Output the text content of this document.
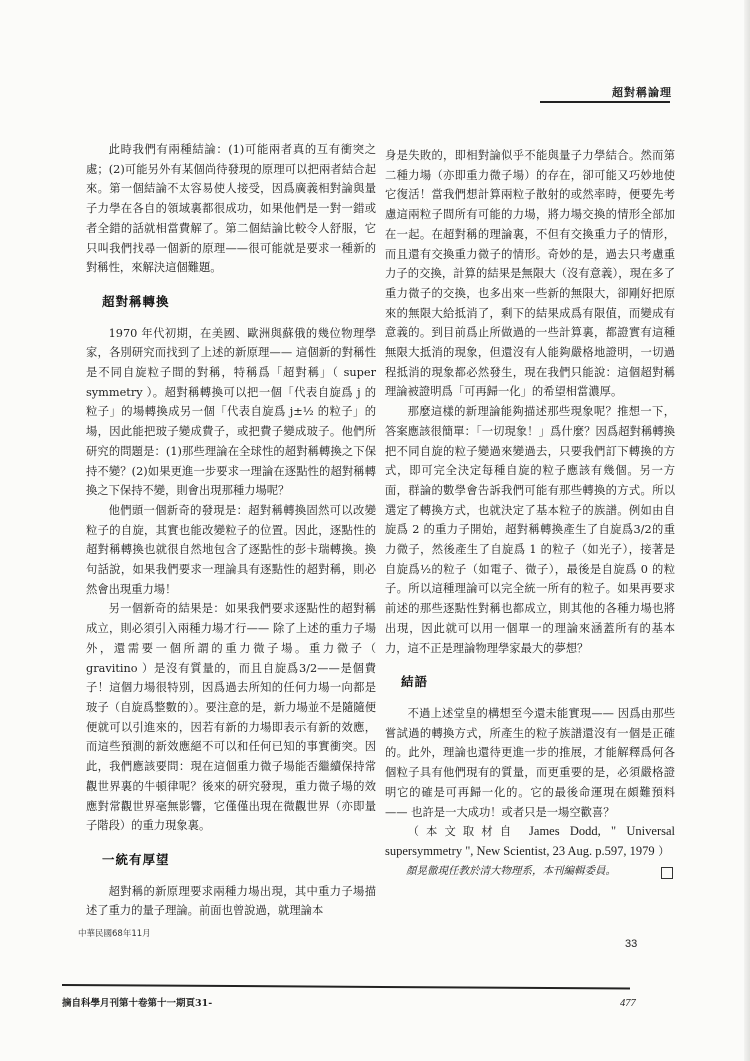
超對稱論理

此時我們有兩種結論：(1)可能兩者真的互有衝突之處；(2)可能另外有某個尚待發現的原理可以把兩者結合起來。第一個結論不太容易使人接受，因爲廣義相對論與量子力學在各自的領域裏都很成功，如果他們是一對一錯或者全錯的話就相當費解了。第二個結論比較令人舒服，它只叫我們找尋一個新的原理——很可能就是要求一種新的對稱性，來解決這個難題。

超對稱轉換

1970 年代初期，在美國、歐洲與蘇俄的幾位物理學家，各別研究而找到了上述的新原理—— 這個新的對稱性是不同自旋粒子間的對稱，特稱爲「超對稱」（ super symmetry ）。超對稱轉換可以把一個「代表自旋爲 j 的粒子」的場轉換成另一個「代表自旋爲 j±½ 的粒子」的場，因此能把玻子變成費子，或把費子變成玻子。他們所研究的問題是：(1)那些理論在全球性的超對稱轉換之下保持不變？(2)如果更進一步要求一理論在逐點性的超對稱轉換之下保持不變，則會出現那種力場呢？

他們頭一個新奇的發現是：超對稱轉換固然可以改變粒子的自旋，其實也能改變粒子的位置。因此，逐點性的超對稱轉換也就很自然地包含了逐點性的彭卡瑞轉換。換句話說，如果我們要求一理論具有逐點性的超對稱，則必然會出現重力場！

另一個新奇的結果是：如果我們要求逐點性的超對稱成立，則必須引入兩種力場才行—— 除了上述的重力子場外，還需要一個所謂的重力微子場。重力微子（ gravitino ）是沒有質量的，而且自旋爲3/2——是個費子！這個力場很特別，因爲過去所知的任何力場一向都是玻子（自旋爲整數的）。要注意的是，新力場並不是隨隨便便就可以引進來的，因若有新的力場即表示有新的效應，而這些預測的新效應絕不可以和任何已知的事實衝突。因此，我們應該要問：現在這個重力微子場能否繼續保持常觀世界裏的牛頓律呢？後來的研究發現，重力微子場的效應對常觀世界毫無影響，它僅僅出現在微觀世界（亦即量子階段）的重力現象裏。

一統有厚望

超對稱的新原理要求兩種力場出現，其中重力子場描述了重力的量子理論。前面也曾說過，就理論本

身是失敗的，即相對論似乎不能與量子力學結合。然而第二種力場（亦即重力微子場）的存在，卻可能又巧妙地使它復活！當我們想計算兩粒子散射的或然率時，便要先考慮這兩粒子間所有可能的力場，將力場交換的情形全部加在一起。在超對稱的理論裏，不但有交換重力子的情形，而且還有交換重力微子的情形。奇妙的是，過去只考慮重力子的交換，計算的結果是無限大（沒有意義），現在多了重力微子的交換，也多出來一些新的無限大，卻剛好把原來的無限大給抵消了，剩下的結果成爲有限值，而變成有意義的。到目前爲止所做過的一些計算裏，都證實有這種無限大抵消的現象，但還沒有人能夠嚴格地證明，一切過程抵消的現象都必然發生，現在我們只能說：這個超對稱理論被證明爲「可再歸一化」的希望相當濃厚。

那麼這樣的新理論能夠描述那些現象呢？推想一下，答案應該很簡單：「一切現象！」爲什麼？因爲超對稱轉換把不同自旋的粒子變過來變過去，只要我們訂下轉換的方式，即可完全決定每種自旋的粒子應該有幾個。另一方面，群論的數學會告訴我們可能有那些轉換的方式。所以選定了轉換方式，也就決定了基本粒子的族譜。例如由自旋爲 2 的重力子開始，超對稱轉換產生了自旋爲3/2的重力微子，然後產生了自旋爲 1 的粒子（如光子），接著是自旋爲½的粒子（如電子、微子），最後是自旋爲 0 的粒子。所以這種理論可以完全統一所有的粒子。如果再要求前述的那些逐點性對稱也都成立，則其他的各種力場也將出現，因此就可以用一個單一的理論來涵蓋所有的基本力，這不正是理論物理學家最大的夢想？

結語

不過上述堂皇的構想至今還未能實現—— 因爲由那些嘗試過的轉換方式，所產生的粒子族譜還沒有一個是正確的。此外，理論也還待更進一步的推展，才能解釋爲何各個粒子具有他們現有的質量，而更重要的是，必須嚴格證明它的確是可再歸一化的。它的最後命運現在頗難預料—— 也許是一大成功！或者只是一場空歡喜？

（本文取材自 James Dodd, " Universal supersymmetry ", New Scientist, 23 Aug. p.597, 1979 ）

顏晃徹現任教於清大物理系，本刊編輯委員。

中華民國68年11月
33
摘自科學月刊第十卷第十一期頁31-	477
